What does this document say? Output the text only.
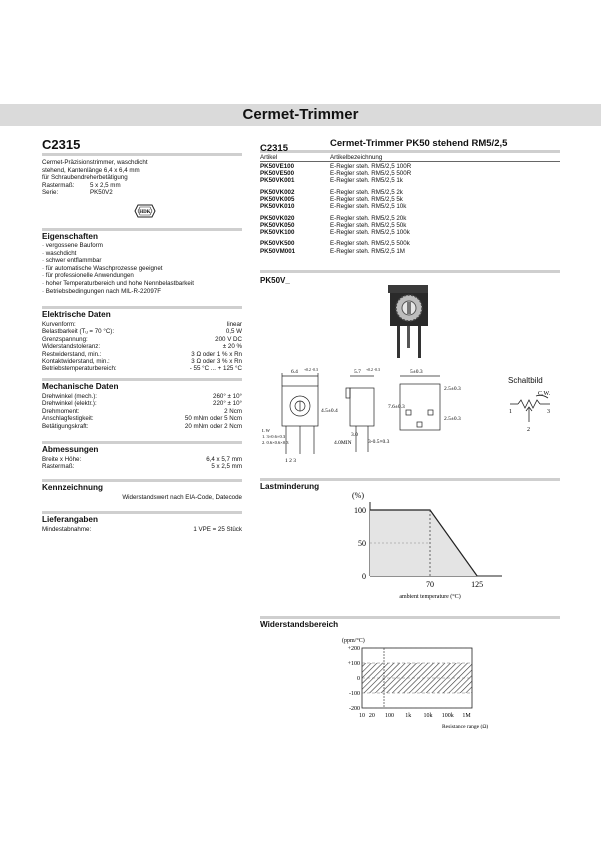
Cermet-Trimmer
C2315
Cermet-Präzisionstrimmer, waschdicht
stehend, Kantenlänge 6,4 x 6,4 mm
für Schraubendreherbetätigung
Rastermaß:	5 x 2,5 mm
Serie:	PK50V2
HDK
Eigenschaften
· vergossene Bauform
· waschdicht
· schwer entflammbar
· für automatische Waschprozesse geeignet
· für professionelle Anwendungen
· hoher Temperaturbereich und hohe Nennbelastbarkeit
· Betriebsbedingungen nach MIL-R-22097F
Elektrische Daten
Kurvenform:	linear
Belastbarkeit (Tᵤ = 70 °C):	0,5 W
Grenzspannung:	200 V DC
Widerstandstoleranz:	± 20 %
Restwiderstand, min.:	3 Ω oder 1 % x Rn
Kontaktwiderstand, min.:	3 Ω oder 3 % x Rn
Betriebstemperaturbereich:	- 55 °C ... + 125 °C
Mechanische Daten
Drehwinkel (mech.):	260° ± 10°
Drehwinkel (elektr.):	220° ± 10°
Drehmoment:	2 Ncm
Anschlagfestigkeit:	50 mNm oder 5 Ncm
Betätigungskraft:	20 mNm oder 2 Ncm
Abmessungen
Breite x Höhe:	6,4 x 5,7 mm
Rastermaß:	5 x 2,5 mm
Kennzeichnung
Widerstandswert nach EIA-Code, Datecode
Lieferangaben
Mindestabnahme:	1 VPE = 25 Stück
C2315	Cermet-Trimmer PK50 stehend RM5/2,5
Artikel	Artikelbezeichnung
PK50VE100	E-Regler steh. RM5/2,5 100R
PK50VE500	E-Regler steh. RM5/2,5 500R
PK50VK001	E-Regler steh. RM5/2,5 1k
PK50VK002	E-Regler steh. RM5/2,5 2k
PK50VK005	E-Regler steh. RM5/2,5 5k
PK50VK010	E-Regler steh. RM5/2,5 10k
PK50VK020	E-Regler steh. RM5/2,5 20k
PK50VK050	E-Regler steh. RM5/2,5 50k
PK50VK100	E-Regler steh. RM5/2,5 100k
PK50VK500	E-Regler steh. RM5/2,5 500k
PK50VM001	E-Regler steh. RM5/2,5 1M
PK50V_
6.4 +0.2 -0.3
4.5±0.4
L W
1. 3×0.6×0.3
2. 0.6×0.6×0.3
1 2 3
5.7 +0.2 -0.3
4.0MIN
3.0
3-0.5×0.3
5±0.3
7.6±0.3
2.5±0.3
2.5±0.3
Schaltbild
C.W.
1	3
2
Lastminderung
(%)
100
50
0
70	125
ambient temperature (°C)
Widerstandsbereich
(ppm/°C)
+200
+100
0
-100
-200
10 20 100 1k 10k 100k 1M
Resistance range (Ω)
